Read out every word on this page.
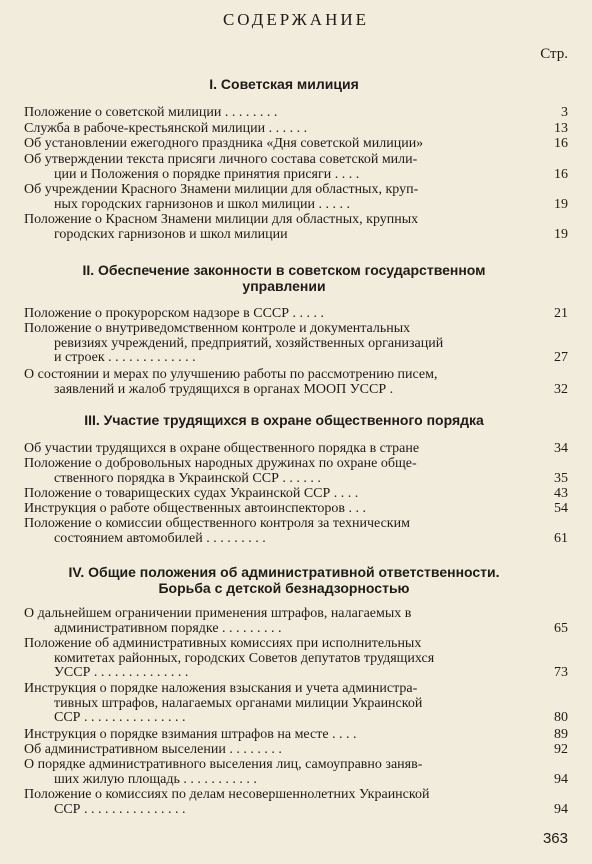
СОДЕРЖАНИЕ
Стр.
I. Советская милиция
Положение о советской милиции . . . . . . . .	3
Служба в рабоче-крестьянской милиции . . . . . .	13
Об установлении ежегодного праздника «Дня советской милиции»	16
Об утверждении текста присяги личного состава советской мили-
ции и Положения о порядке принятия присяги . . . .	16
Об учреждении Красного Знамени милиции для областных, круп-
ных городских гарнизонов и школ милиции . . . . .	19
Положение о Красном Знамени милиции для областных, крупных
городских гарнизонов и школ милиции	19
II. Обеспечение законности в советском государственном
управлении
Положение о прокурорском надзоре в СССР . . . . .	21
Положение о внутриведомственном контроле и документальных
ревизиях учреждений, предприятий, хозяйственных организаций
и строек . . . . . . . . . . . . .	27
О состоянии и мерах по улучшению работы по рассмотрению писем,
заявлений и жалоб трудящихся в органах МООП УССР .	32
III. Участие трудящихся в охране общественного порядка
Об участии трудящихся в охране общественного порядка в стране	34
Положение о добровольных народных дружинах по охране обще-
ственного порядка в Украинской ССР . . . . . .	35
Положение о товарищеских судах Украинской ССР . . . .	43
Инструкция о работе общественных автоинспекторов . . .	54
Положение о комиссии общественного контроля за техническим
состоянием автомобилей . . . . . . . . .	61
IV. Общие положения об административной ответственности.
Борьба с детской безнадзорностью
О дальнейшем ограничении применения штрафов, налагаемых в
административном порядке . . . . . . . . .	65
Положение об административных комиссиях при исполнительных
комитетах районных, городских Советов депутатов трудящихся
УССР . . . . . . . . . . . . . .	73
Инструкция о порядке наложения взыскания и учета администра-
тивных штрафов, налагаемых органами милиции Украинской
ССР . . . . . . . . . . . . . . .	80
Инструкция о порядке взимания штрафов на месте . . . .	89
Об административном выселении . . . . . . . .	92
О порядке административного выселения лиц, самоуправно заняв-
ших жилую площадь . . . . . . . . . . .	94
Положение о комиссиях по делам несовершеннолетних Украинской
ССР . . . . . . . . . . . . . . .	94
363
